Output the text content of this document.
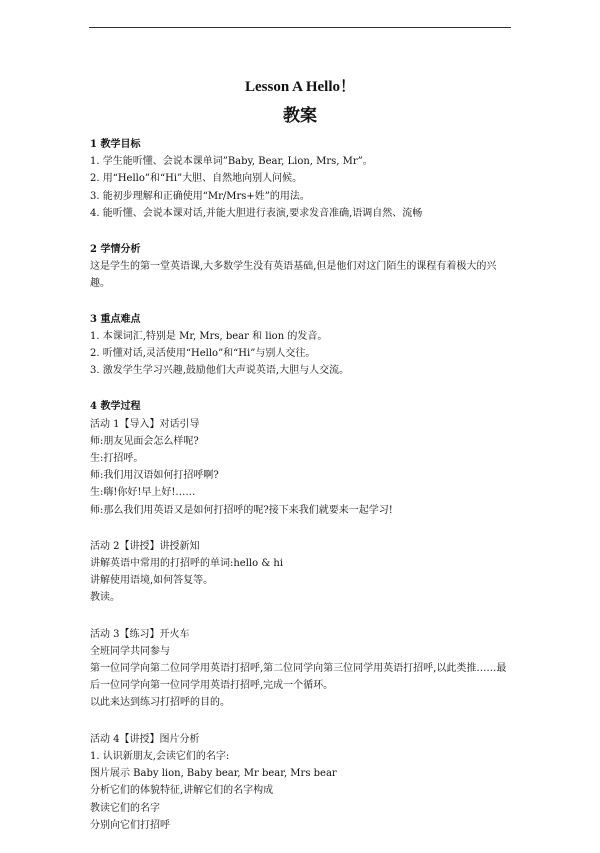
Lesson A Hello！
教案
1 教学目标
1. 学生能听懂、会说本课单词”Baby, Bear, Lion, Mrs, Mr”。
2. 用“Hello”和“Hi”大胆、自然地向别人问候。
3. 能初步理解和正确使用“Mr/Mrs+姓”的用法。
4. 能听懂、会说本课对话,并能大胆进行表演,要求发音准确,语调自然、流畅
2 学情分析
这是学生的第一堂英语课,大多数学生没有英语基础,但是他们对这门陌生的课程有着极大的兴趣。
3 重点难点
1. 本课词汇,特别是 Mr, Mrs, bear 和 lion 的发音。
2. 听懂对话,灵活使用“Hello”和“Hi”与别人交往。
3. 激发学生学习兴趣,鼓励他们大声说英语,大胆与人交流。
4 教学过程
活动 1【导入】对话引导
师:朋友见面会怎么样呢?
生:打招呼。
师:我们用汉语如何打招呼啊?
生:嗨!你好!早上好!……
师:那么我们用英语又是如何打招呼的呢?接下来我们就要来一起学习!
活动 2【讲授】讲授新知
讲解英语中常用的打招呼的单词:hello & hi
讲解使用语境,如何答复等。
教读。
活动 3【练习】开火车
全班同学共同参与
第一位同学向第二位同学用英语打招呼,第二位同学向第三位同学用英语打招呼,以此类推……最后一位同学向第一位同学用英语打招呼,完成一个循环。
以此来达到练习打招呼的目的。
活动 4【讲授】图片分析
1. 认识新朋友,会读它们的名字:
图片展示 Baby lion, Baby bear, Mr bear, Mrs bear
分析它们的体貌特征,讲解它们的名字构成
教读它们的名字
分别向它们打招呼
